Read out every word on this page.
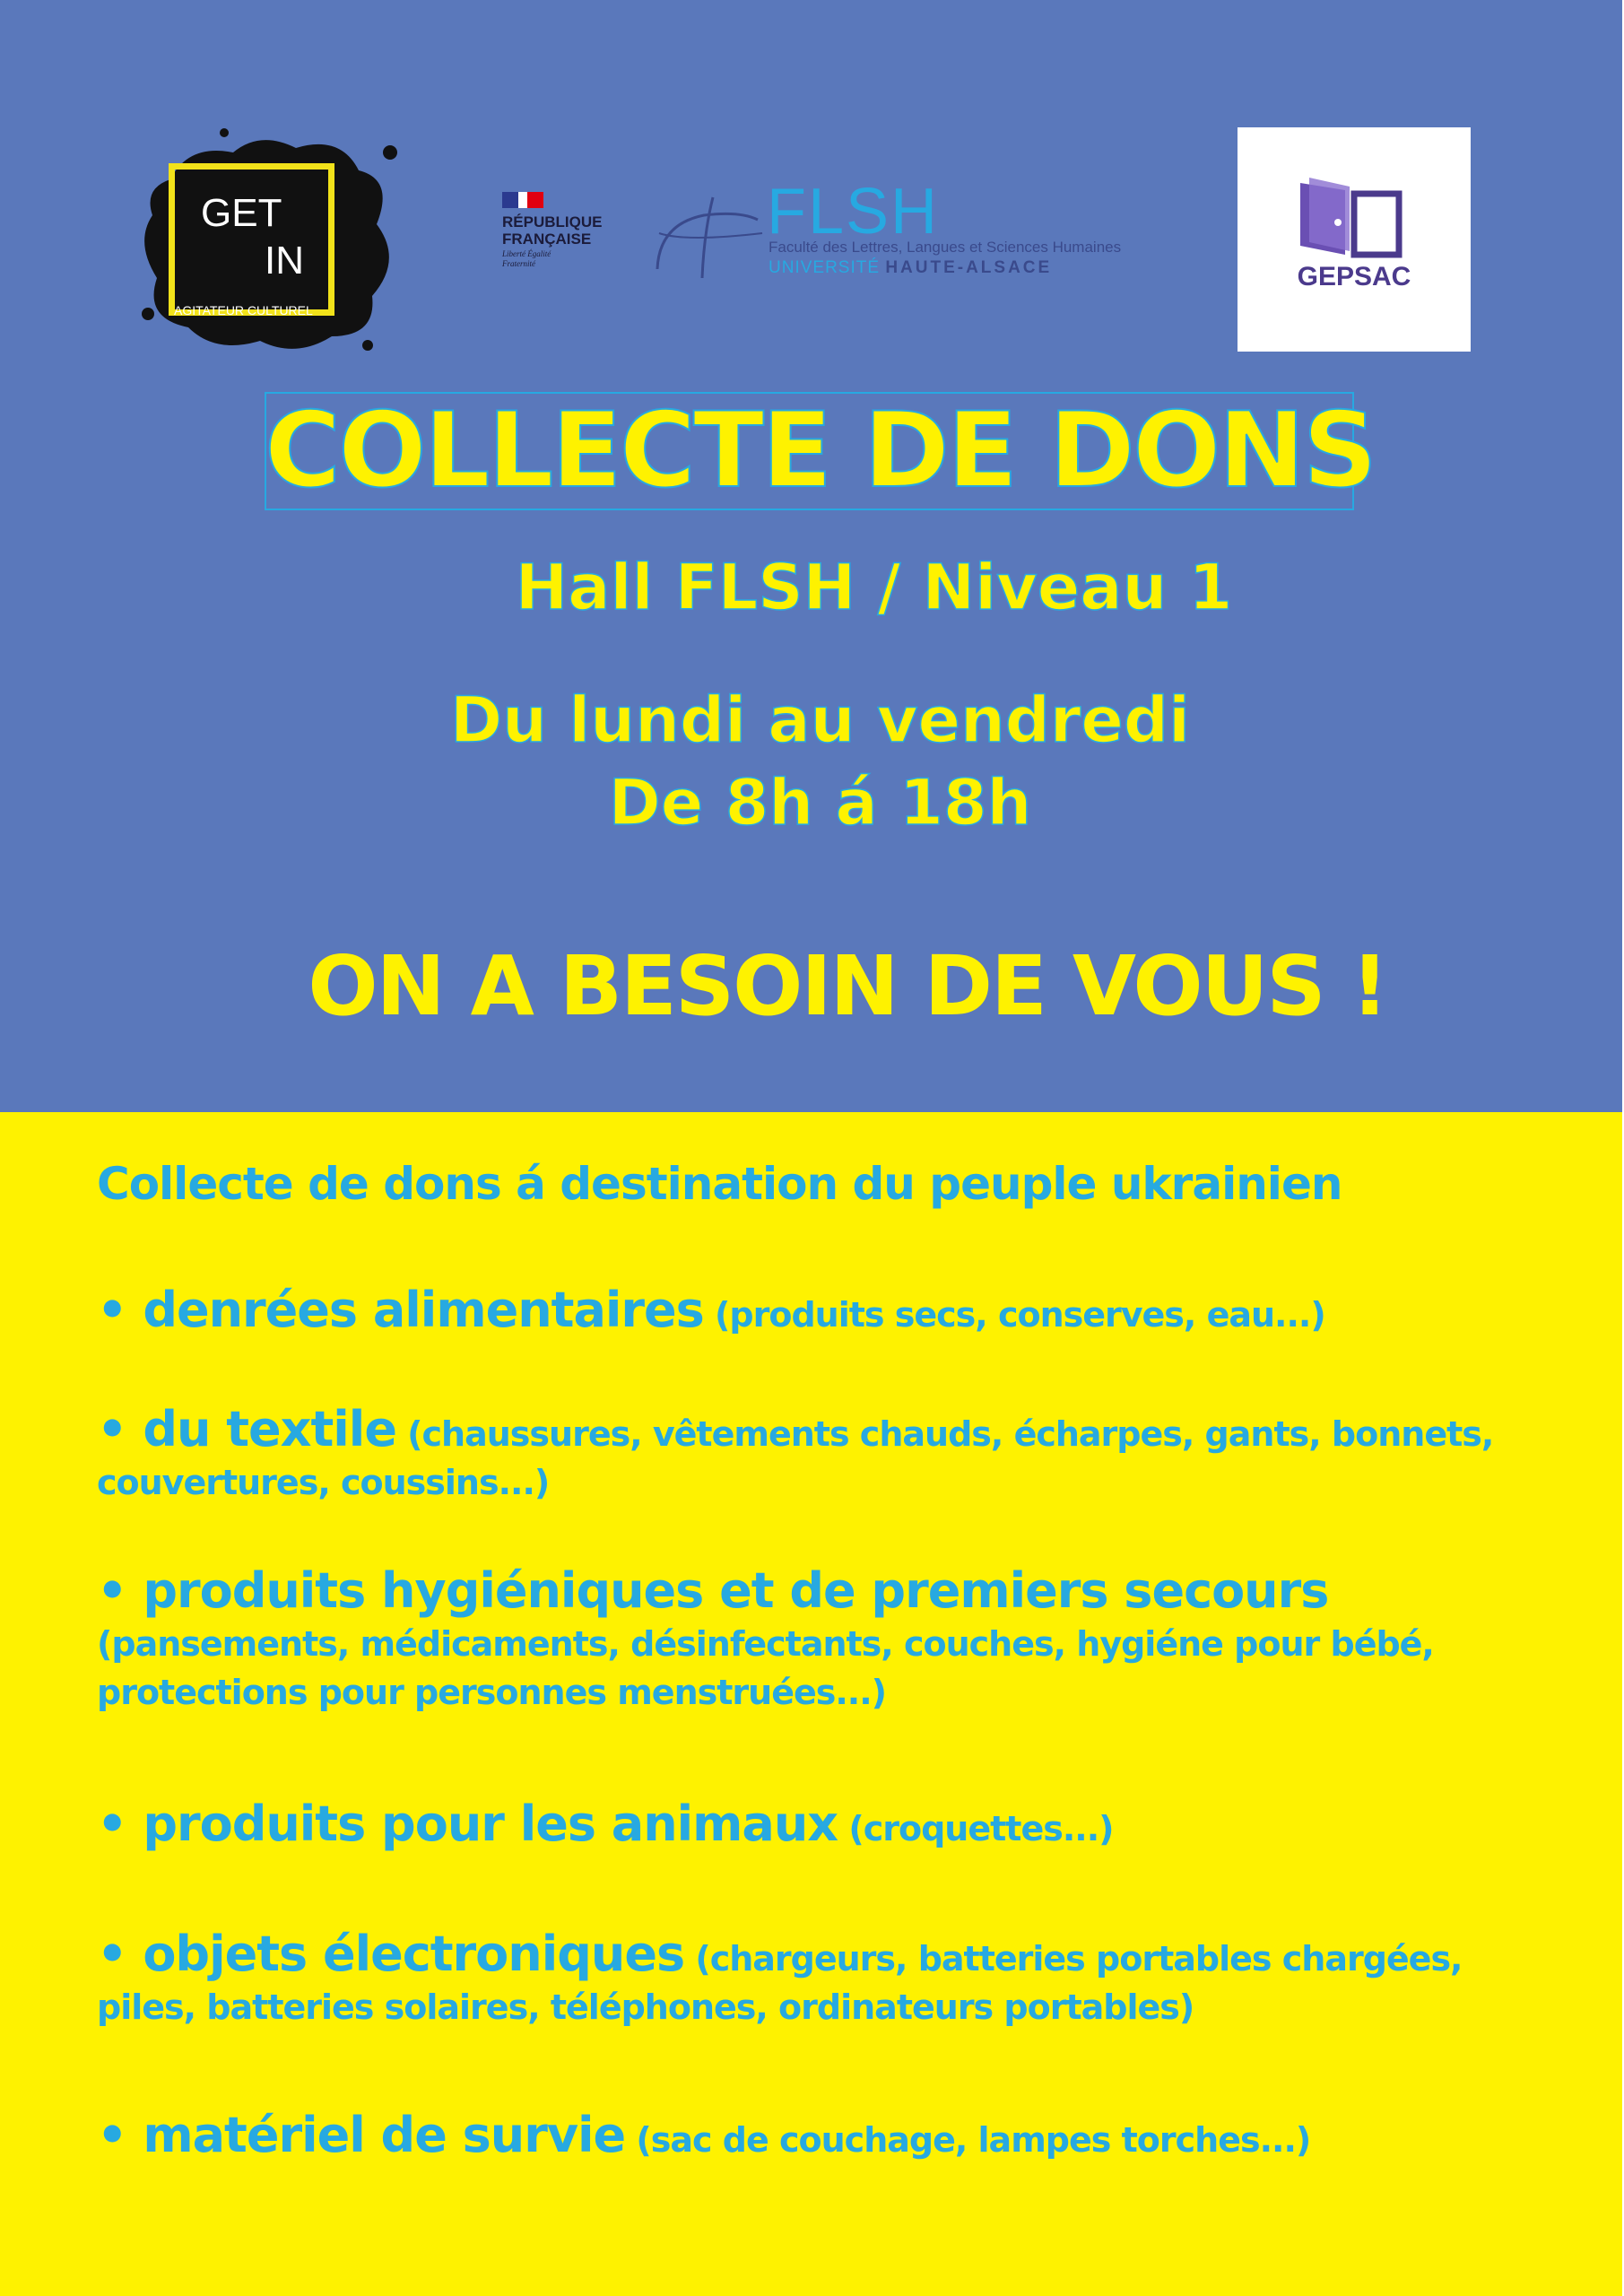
GET
IN
AGITATEUR CULTUREL
RÉPUBLIQUE
FRANÇAISE
Liberté Égalité Fraternité
FLSH
Faculté des Lettres, Langues et Sciences Humaines
UNIVERSITÉ HAUTE-ALSACE	GEPSAC
COLLECTE DE DONS
Hall FLSH / Niveau 1
Du lundi au vendredi
De 8h á 18h
ON A BESOIN DE VOUS !
Collecte de dons á destination du peuple ukrainien
• denrées alimentaires (produits secs, conserves, eau...)
• du textile (chaussures, vêtements chauds, écharpes, gants, bonnets, couvertures, coussins...)
• produits hygiéniques et de premiers secours (pansements, médicaments, désinfectants, couches, hygiéne pour bébé, protections pour personnes menstruées...)
• produits pour les animaux (croquettes...)
• objets électroniques (chargeurs, batteries portables chargées, piles, batteries solaires, téléphones, ordinateurs portables)
• matériel de survie (sac de couchage, lampes torches...)
